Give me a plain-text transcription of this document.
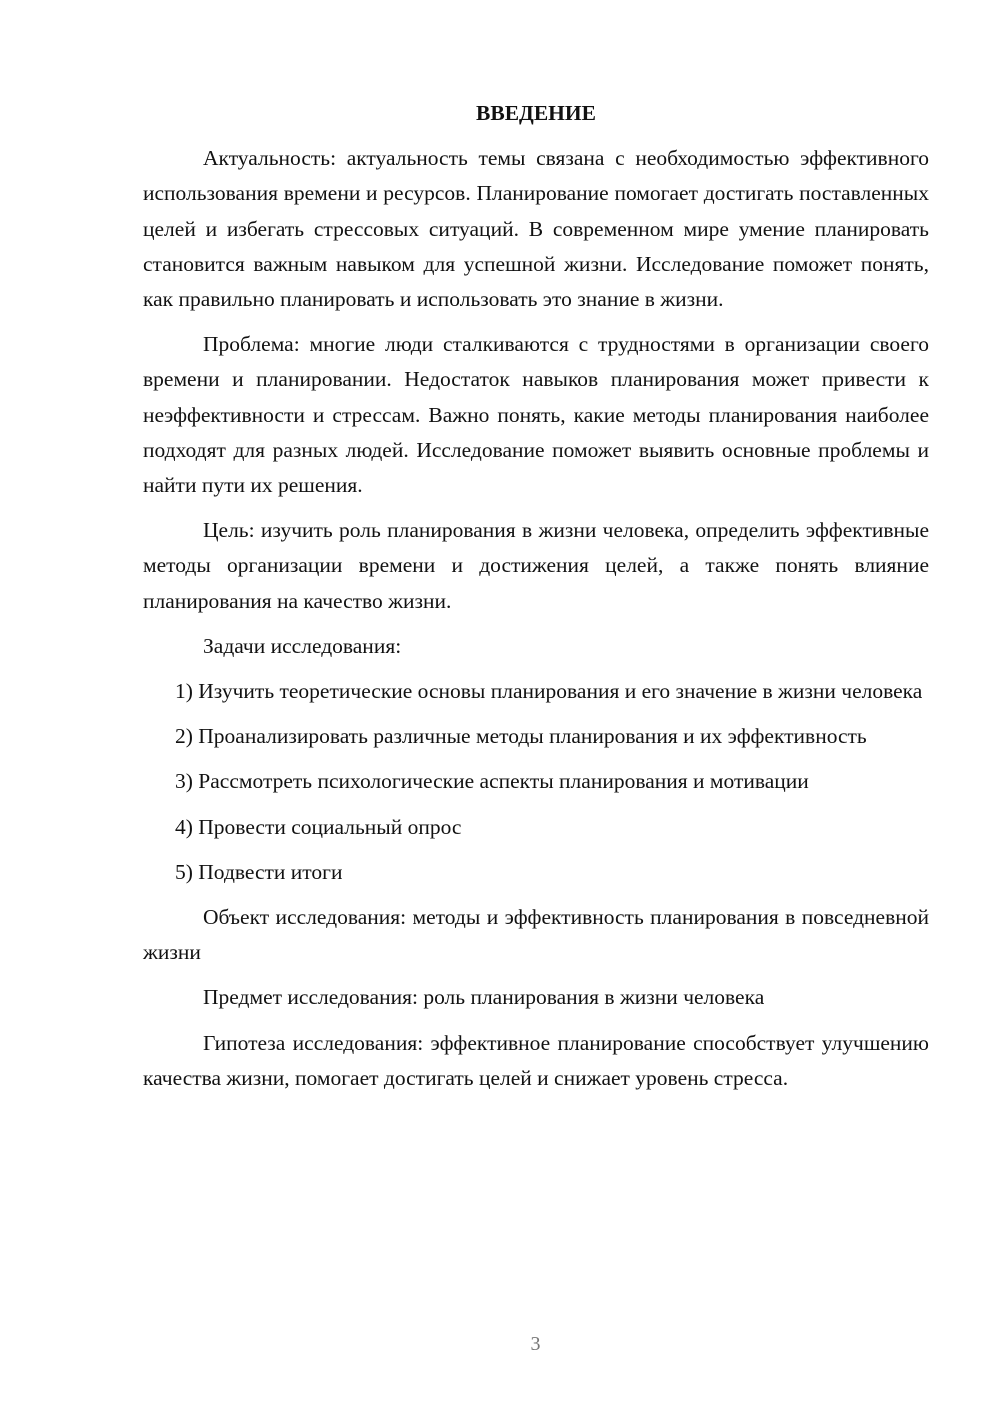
ВВЕДЕНИЕ

Актуальность: актуальность темы связана с необходимостью эффективного использования времени и ресурсов. Планирование помогает достигать поставленных целей и избегать стрессовых ситуаций. В современном мире умение планировать становится важным навыком для успешной жизни. Исследование поможет понять, как правильно планировать и использовать это знание в жизни.

Проблема: многие люди сталкиваются с трудностями в организации своего времени и планировании. Недостаток навыков планирования может привести к неэффективности и стрессам. Важно понять, какие методы планирования наиболее подходят для разных людей. Исследование поможет выявить основные проблемы и найти пути их решения.

Цель: изучить роль планирования в жизни человека, определить эффективные методы организации времени и достижения целей, а также понять влияние планирования на качество жизни.

Задачи исследования:

1) Изучить теоретические основы планирования и его значение в жизни человека

2) Проанализировать различные методы планирования и их эффективность

3) Рассмотреть психологические аспекты планирования и мотивации

4) Провести социальный опрос

5) Подвести итоги

Объект исследования: методы и эффективность планирования в повседневной жизни

Предмет исследования: роль планирования в жизни человека

Гипотеза исследования: эффективное планирование способствует улучшению качества жизни, помогает достигать целей и снижает уровень стресса.

3
